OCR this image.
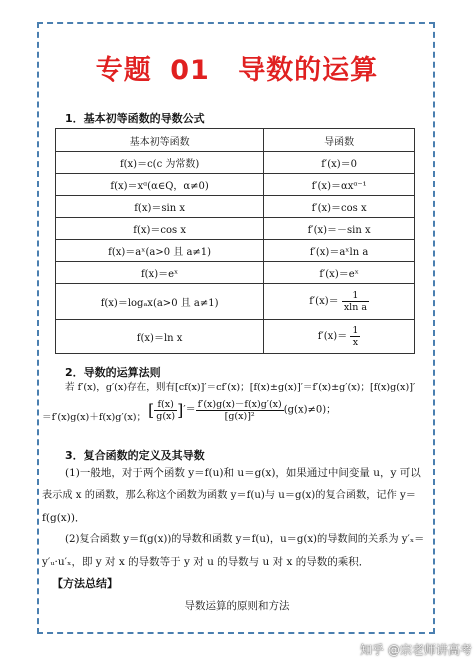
专题 01 导数的运算
1．基本初等函数的导数公式
基本初等函数	导函数
f(x)＝c(c 为常数)	f′(x)＝0
f(x)＝xᵅ(α∈Q，α≠0)	f′(x)＝αxᵅ⁻¹
f(x)＝sin x	f′(x)＝cos x
f(x)＝cos x	f′(x)＝－sin x
f(x)＝aˣ(a>0 且 a≠1)	f′(x)＝aˣln a
f(x)＝eˣ	f′(x)＝eˣ
f(x)＝logₐx(a>0 且 a≠1)	$f'(x)= \frac{1}{\text{xln a}}$

f(x)＝ln x	$f'(x)= \frac{1}{x}$
2．导数的运算法则
若 f′(x)，g′(x)存在，则有[cf(x)]′＝cf′(x)；[f(x)±g(x)]′＝f′(x)±g′(x)；[f(x)g(x)]′
＝f′(x)g(x)＋f(x)g′(x)； [ $\frac{f(x)}{g(x)}$ ]′＝ $\frac{f'(x)g(x)-f(x)g'(x)}{\text{[g(x)]²}} (g(x)\ne 0)$；
3．复合函数的定义及其导数
(1)一般地，对于两个函数 y＝f(u)和 u＝g(x)，如果通过中间变量 u，y 可以
表示成 x 的函数，那么称这个函数为函数 y＝f(u)与 u＝g(x)的复合函数，记作 y＝
f(g(x))．
(2)复合函数 y＝f(g(x))的导数和函数 y＝f(u)，u＝g(x)的导数间的关系为 y′ₓ＝
y′ᵤ·u′ₓ，即 y 对 x 的导数等于 y 对 u 的导数与 u 对 x 的导数的乘积．
【方法总结】
导数运算的原则和方法
知乎 @宗老师讲高考
